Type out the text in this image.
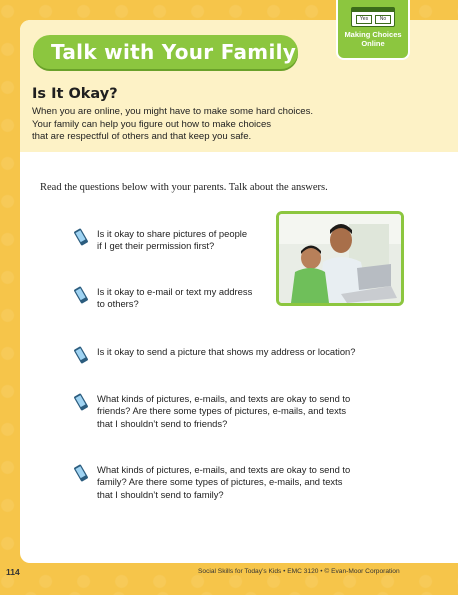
Talk with Your Family
Is It Okay?
When you are online, you might have to make some hard choices.
Your family can help you figure out how to make choices
that are respectful of others and that keep you safe.
Read the questions below with your parents. Talk about the answers.
Is it okay to share pictures of people
if I get their permission first?
Is it okay to e-mail or text my address
to others?
Is it okay to send a picture that shows my address or location?
What kinds of pictures, e-mails, and texts are okay to send to
friends? Are there some types of pictures, e-mails, and texts
that I shouldn’t send to friends?
What kinds of pictures, e-mails, and texts are okay to send to
family? Are there some types of pictures, e-mails, and texts
that I shouldn’t send to family?
Yes	No
Making Choices
Online
114	Social Skills for Today’s Kids • EMC 3120 • © Evan-Moor Corporation
